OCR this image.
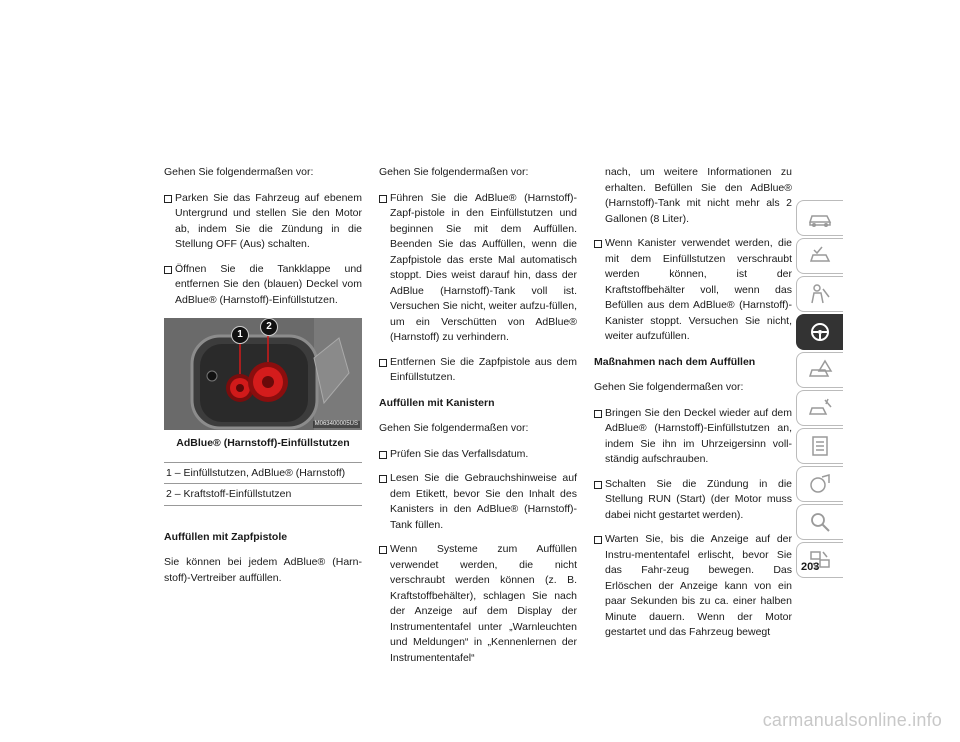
Gehen Sie folgendermaßen vor:

Parken Sie das Fahrzeug auf ebenem Untergrund und stellen Sie den Motor ab, indem Sie die Zündung in die Stellung OFF (Aus) schalten.
Öffnen Sie die Tankklappe und entfernen Sie den (blauen) Deckel vom AdBlue® (Harnstoff)-Einfüllstutzen.
1
2
M063400005US
AdBlue® (Harnstoff)-Einfüllstutzen
1 – Einfüllstutzen, AdBlue® (Harnstoff)
2 – Kraftstoff-Einfüllstutzen
Auffüllen mit Zapfpistole

Sie können bei jedem AdBlue® (Harn-stoff)-Vertreiber auffüllen.

Gehen Sie folgendermaßen vor:

Führen Sie die AdBlue® (Harnstoff)-Zapf-pistole in den Einfüllstutzen und beginnen Sie mit dem Auffüllen. Beenden Sie das Auffüllen, wenn die Zapfpistole das erste Mal automatisch stoppt. Dies weist darauf hin, dass der AdBlue (Harnstoff)-Tank voll ist. Versuchen Sie nicht, weiter aufzu-füllen, um ein Verschütten von AdBlue® (Harnstoff) zu verhindern.
Entfernen Sie die Zapfpistole aus dem Einfüllstutzen.
Auffüllen mit Kanistern

Gehen Sie folgendermaßen vor:

Prüfen Sie das Verfallsdatum.
Lesen Sie die Gebrauchshinweise auf dem Etikett, bevor Sie den Inhalt des Kanisters in den AdBlue® (Harnstoff)-Tank füllen.
Wenn Systeme zum Auffüllen verwendet werden, die nicht verschraubt werden können (z. B. Kraftstoffbehälter), schlagen Sie nach der Anzeige auf dem Display der Instrumententafel unter „Warnleuchten und Meldungen“ in „Kennenlernen der Instrumententafel“
nach, um weitere Informationen zu erhalten. Befüllen Sie den AdBlue® (Harnstoff)-Tank mit nicht mehr als 2 Gallonen (8 Liter).
Wenn Kanister verwendet werden, die mit dem Einfüllstutzen verschraubt werden können, ist der Kraftstoffbehälter voll, wenn das Befüllen aus dem AdBlue® (Harnstoff)-Kanister stoppt. Versuchen Sie nicht, weiter aufzufüllen.
Maßnahmen nach dem Auffüllen

Gehen Sie folgendermaßen vor:

Bringen Sie den Deckel wieder auf dem AdBlue® (Harnstoff)-Einfüllstutzen an, indem Sie ihn im Uhrzeigersinn voll-ständig aufschrauben.
Schalten Sie die Zündung in die Stellung RUN (Start) (der Motor muss dabei nicht gestartet werden).
Warten Sie, bis die Anzeige auf der Instru-mententafel erlischt, bevor Sie das Fahr-zeug bewegen. Das Erlöschen der Anzeige kann von ein paar Sekunden bis zu ca. einer halben Minute dauern. Wenn der Motor gestartet und das Fahrzeug bewegt
203
carmanualsonline.info
